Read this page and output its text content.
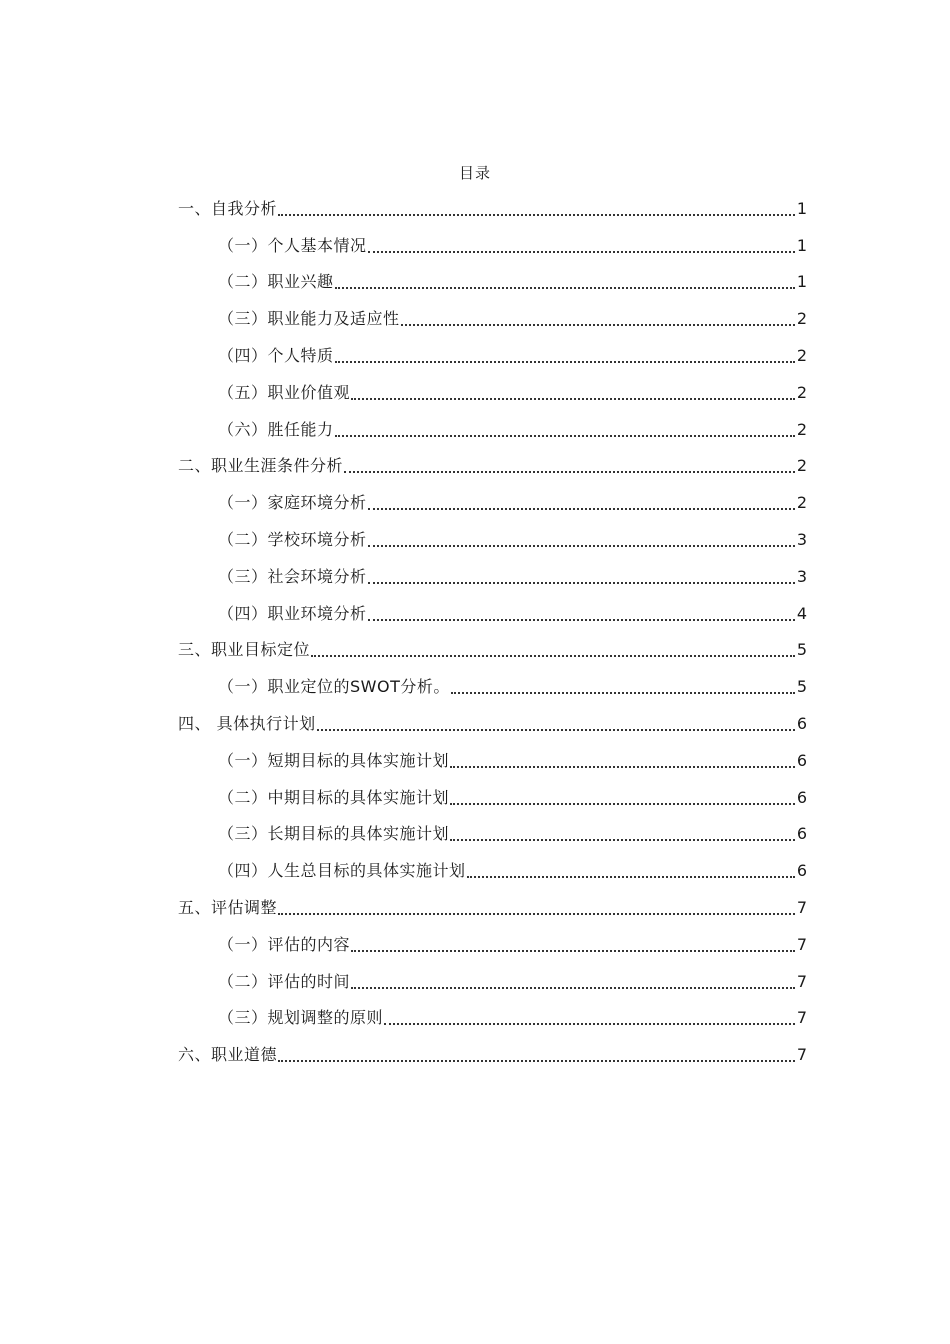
目录
一、自我分析	1
（一）个人基本情况	1
（二）职业兴趣	1
（三）职业能力及适应性	2
（四）个人特质	2
（五）职业价值观	2
（六）胜任能力	2
二、职业生涯条件分析	2
（一）家庭环境分析	2
（二）学校环境分析	3
（三）社会环境分析	3
（四）职业环境分析	4
三、职业目标定位	5
（一）职业定位的SWOT分析。	5
四、 具体执行计划	6
（一）短期目标的具体实施计划	6
（二）中期目标的具体实施计划	6
（三）长期目标的具体实施计划	6
（四）人生总目标的具体实施计划	6
五、评估调整	7
（一）评估的内容	7
（二）评估的时间	7
（三）规划调整的原则	7
六、职业道德	7
